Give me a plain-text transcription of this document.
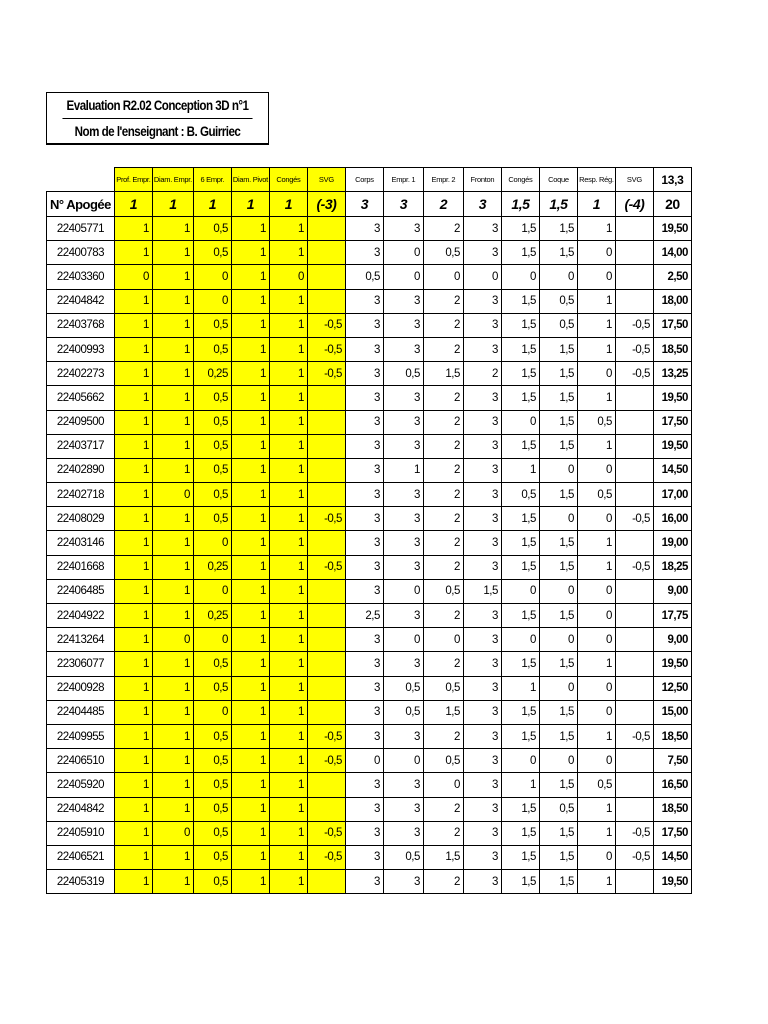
Evaluation R2.02 Conception 3D n°1
Nom de l'enseignant : B. Guirriec
	Prof. Empr.	Diam. Empr.	6 Empr.	Diam. Pivot	Congés	SVG	Corps	Empr. 1	Empr. 2	Fronton	Congés	Coque	Resp. Rég.	SVG	13,3
N° Apogée	1	1	1	1	1	(-3)	3	3	2	3	1,5	1,5	1	(-4)	20
22405771	1	1	0,5	1	1		3	3	2	3	1,5	1,5	1		19,50
22400783	1	1	0,5	1	1		3	0	0,5	3	1,5	1,5	0		14,00
22403360	0	1	0	1	0		0,5	0	0	0	0	0	0		2,50
22404842	1	1	0	1	1		3	3	2	3	1,5	0,5	1		18,00
22403768	1	1	0,5	1	1	-0,5	3	3	2	3	1,5	0,5	1	-0,5	17,50
22400993	1	1	0,5	1	1	-0,5	3	3	2	3	1,5	1,5	1	-0,5	18,50
22402273	1	1	0,25	1	1	-0,5	3	0,5	1,5	2	1,5	1,5	0	-0,5	13,25
22405662	1	1	0,5	1	1		3	3	2	3	1,5	1,5	1		19,50
22409500	1	1	0,5	1	1		3	3	2	3	0	1,5	0,5		17,50
22403717	1	1	0,5	1	1		3	3	2	3	1,5	1,5	1		19,50
22402890	1	1	0,5	1	1		3	1	2	3	1	0	0		14,50
22402718	1	0	0,5	1	1		3	3	2	3	0,5	1,5	0,5		17,00
22408029	1	1	0,5	1	1	-0,5	3	3	2	3	1,5	0	0	-0,5	16,00
22403146	1	1	0	1	1		3	3	2	3	1,5	1,5	1		19,00
22401668	1	1	0,25	1	1	-0,5	3	3	2	3	1,5	1,5	1	-0,5	18,25
22406485	1	1	0	1	1		3	0	0,5	1,5	0	0	0		9,00
22404922	1	1	0,25	1	1		2,5	3	2	3	1,5	1,5	0		17,75
22413264	1	0	0	1	1		3	0	0	3	0	0	0		9,00
22306077	1	1	0,5	1	1		3	3	2	3	1,5	1,5	1		19,50
22400928	1	1	0,5	1	1		3	0,5	0,5	3	1	0	0		12,50
22404485	1	1	0	1	1		3	0,5	1,5	3	1,5	1,5	0		15,00
22409955	1	1	0,5	1	1	-0,5	3	3	2	3	1,5	1,5	1	-0,5	18,50
22406510	1	1	0,5	1	1	-0,5	0	0	0,5	3	0	0	0		7,50
22405920	1	1	0,5	1	1		3	3	0	3	1	1,5	0,5		16,50
22404842	1	1	0,5	1	1		3	3	2	3	1,5	0,5	1		18,50
22405910	1	0	0,5	1	1	-0,5	3	3	2	3	1,5	1,5	1	-0,5	17,50
22406521	1	1	0,5	1	1	-0,5	3	0,5	1,5	3	1,5	1,5	0	-0,5	14,50
22405319	1	1	0,5	1	1		3	3	2	3	1,5	1,5	1		19,50
